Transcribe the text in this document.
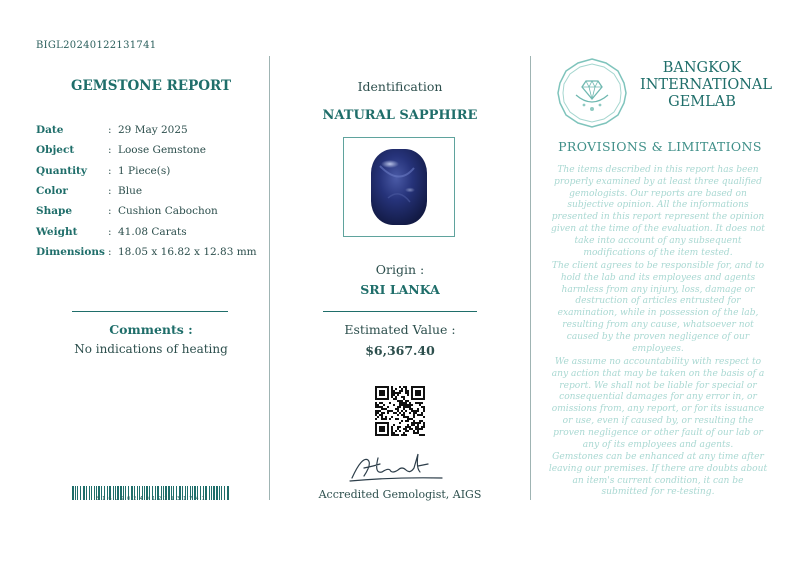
BIGL20240122131741
GEMSTONE REPORT
Date	: 29 May 2025
Object	: Loose Gemstone
Quantity	: 1 Piece(s)
Color	: Blue
Shape	: Cushion Cabochon
Weight	: 41.08 Carats
Dimensions : 18.05 x 16.82 x 12.83 mm
Comments :
No indications of heating
BIGL20240122131741
Identification
NATURAL SAPPHIRE
Origin :
SRI LANKA
Estimated Value :
$6,367.40
Accredited Gemologist, AIGS
BANGKOK
INTERNATIONAL
GEMLAB
PROVISIONS & LIMITATIONS
The items described in this report has been properly examined by at least three qualified gemologists. Our reports are based on subjective opinion. All the informations presented in this report represent the opinion given at the time of the evaluation. It does not take into account of any subsequent modifications of the item tested.
The client agrees to be responsible for, and to hold the lab and its employees and agents harmless from any injury, loss, damage or destruction of articles entrusted for examination, while in possession of the lab, resulting from any cause, whatsoever not caused by the proven negligence of our employees.
We assume no accountability with respect to any action that may be taken on the basis of a report. We shall not be liable for special or consequential damages for any error in, or omissions from, any report, or for its issuance or use, even if caused by, or resulting the proven negligence or other fault of our lab or any of its employees and agents.
Gemstones can be enhanced at any time after leaving our premises. If there are doubts about an item's current condition, it can be submitted for re-testing.
